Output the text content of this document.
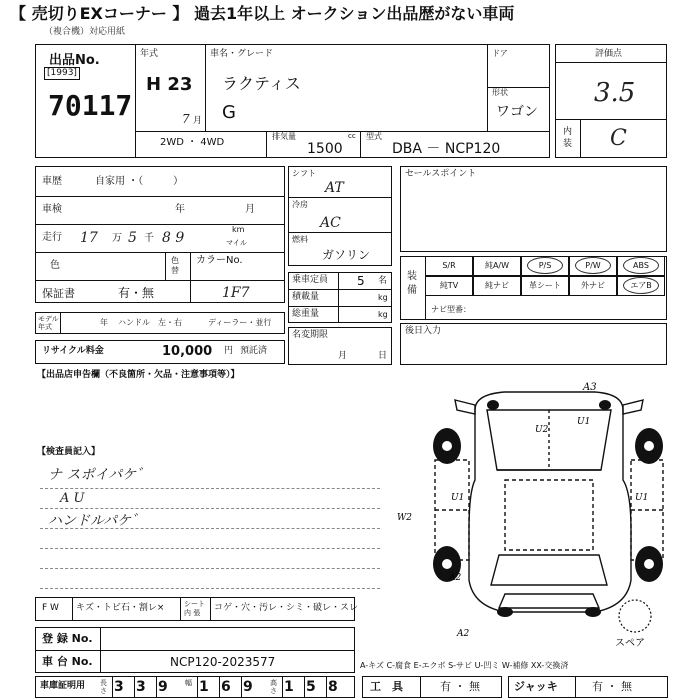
【 売切りEXコーナー 】 過去1年以上 オークション出品歴がない車両
（複合機）対応用紙
出品No.
[1993]
70117
年式
H 23
7 月
車名・グレード
ラクティス
G
ドア
形状
ワゴン
2WD ・ 4WD
排気量	cc
1500
型式
DBA － NCP120
評価点
3.5
内装 C
車歴	自家用 ・（　　　）
車検	年	月
走行 17 万 5 千 8 9
km
マイル
色	色替
カラーNo.
1F7
保証書	有・無
モデル年式	年 ハンドル 左・右	ディーラー・並行
リサイクル料金	10,000 円 預託済
シフト
AT
冷房
AC
燃料
ガソリン
乗車定員 5 名
積載量	kg
総重量	kg
名変期限
月	日
セールスポイント
装備
S/R	純A/W	P/S	P/W	ABS
純TV	純ナビ	革シート	外ナビ	エアB
ナビ型番：
後日入力
【出品店申告欄（不良箇所・欠品・注意事項等）】
【検査員記入】
ナ スポイパケ゛
A U
ハンドルパケ゛
A3
U2
U1	U1
U1
A2
A2
W2
スペア
F W キズ・トビ石・割レ×	シート内 張	コゲ・穴・汚レ・シミ・破レ・スレ
登 録 No.
車 台 No.	NCP120-2023577	A-キズ C-腐食 E-エクボ S-サビ U-凹ミ W-補修 XX-交換済
車庫証明用 長さ 3 3 9 幅 1 6 9 高さ 1 5 8	工　具	有 ・ 無	ジャッキ	有 ・ 無
